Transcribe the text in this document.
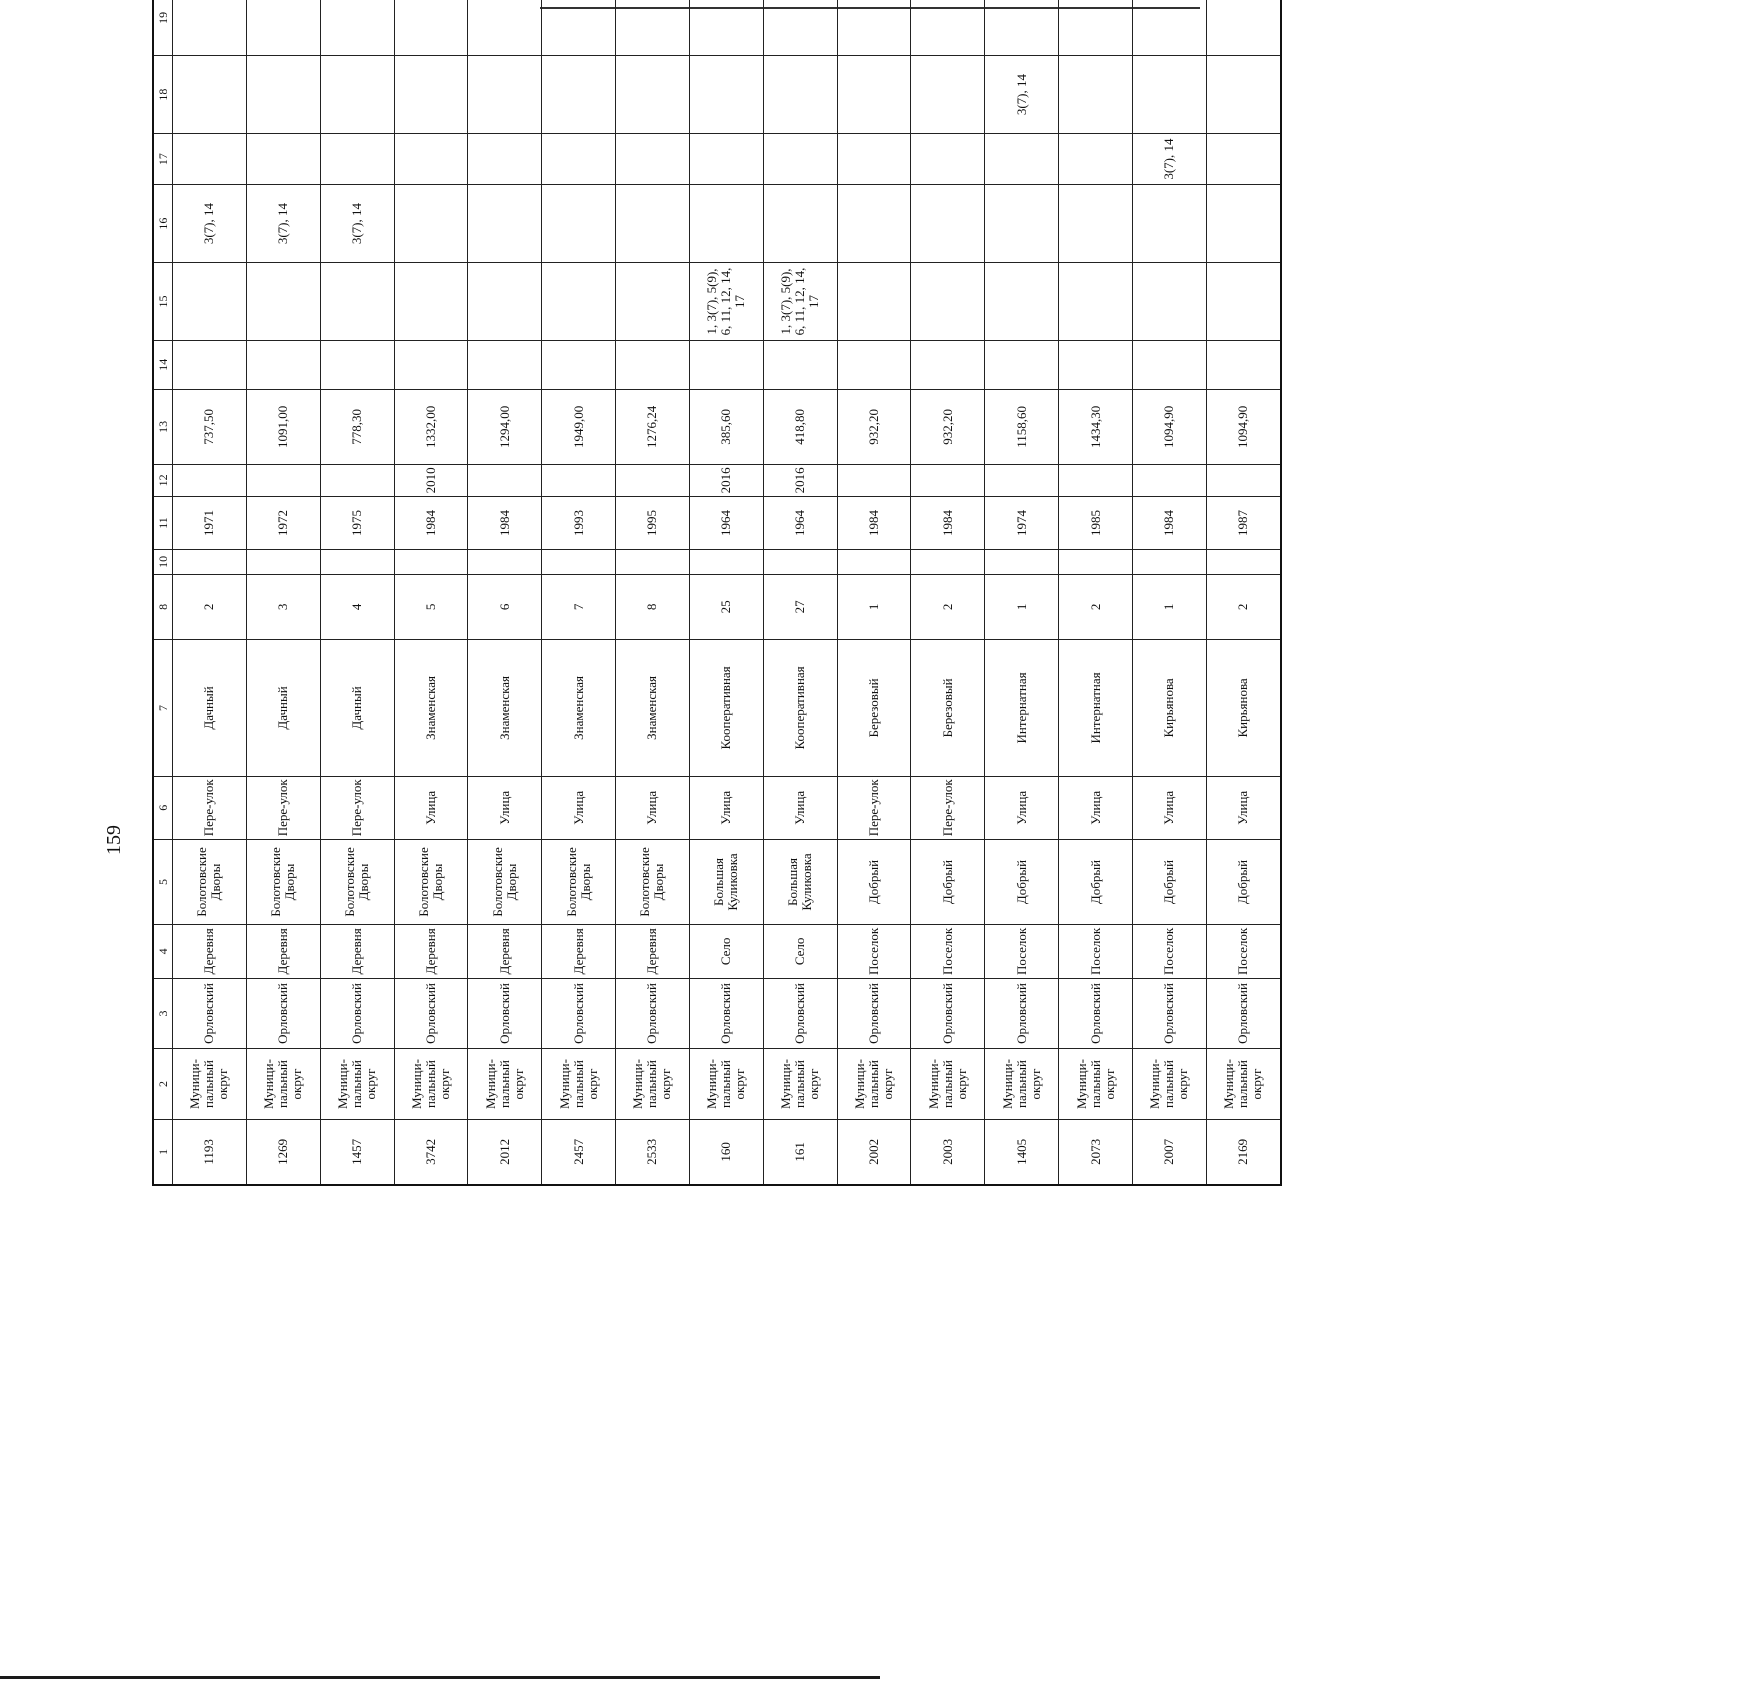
159
1	2	3	4	5	6	7	8	10	11	12	13	14	15	16	17	18	19					
1193	Муници-пальный округ	Орловский	Деревня	Болотовские Дворы	Пере-улок	Дачный	2		1971		737,50			3(7), 14								
1269	Муници-пальный округ	Орловский	Деревня	Болотовские Дворы	Пере-улок	Дачный	3		1972		1091,00			3(7), 14								
1457	Муници-пальный округ	Орловский	Деревня	Болотовские Дворы	Пере-улок	Дачный	4		1975		778,30			3(7), 14								
3742	Муници-пальный округ	Орловский	Деревня	Болотовские Дворы	Улица	Знаменская	5		1984	2010	1332,00											
2012	Муници-пальный округ	Орловский	Деревня	Болотовские Дворы	Улица	Знаменская	6		1984		1294,00											
2457	Муници-пальный округ	Орловский	Деревня	Болотовские Дворы	Улица	Знаменская	7		1993		1949,00											
2533	Муници-пальный округ	Орловский	Деревня	Болотовские Дворы	Улица	Знаменская	8		1995		1276,24											
160	Муници-пальный округ	Орловский	Село	Большая Куликовка	Улица	Кооперативная	25		1964	2016	385,60		1, 3(7), 5(9), 6, 11, 12, 14, 17									
161	Муници-пальный округ	Орловский	Село	Большая Куликовка	Улица	Кооперативная	27		1964	2016	418,80		1, 3(7), 5(9), 6, 11, 12, 14, 17									
2002	Муници-пальный округ	Орловский	Поселок	Добрый	Пере-улок	Березовый	1		1984		932,20											
2003	Муници-пальный округ	Орловский	Поселок	Добрый	Пере-улок	Березовый	2		1984		932,20											
1405	Муници-пальный округ	Орловский	Поселок	Добрый	Улица	Интернатная	1		1974		1158,60					3(7), 14						
2073	Муници-пальный округ	Орловский	Поселок	Добрый	Улица	Интернатная	2		1985		1434,30											
2007	Муници-пальный округ	Орловский	Поселок	Добрый	Улица	Кирьянова	1		1984		1094,90				3(7), 14							
2169	Муници-пальный округ	Орловский	Поселок	Добрый	Улица	Кирьянова	2		1987		1094,90											
